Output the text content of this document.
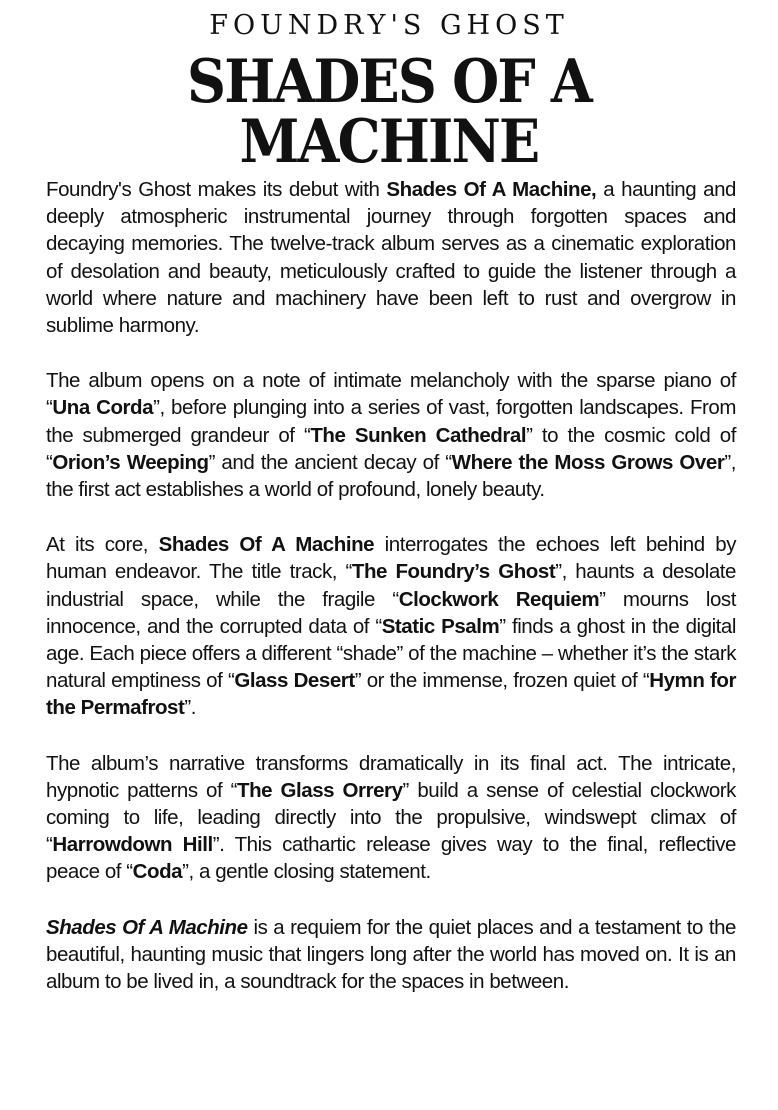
FOUNDRY'S GHOST
SHADES OF A MACHINE

Foundry's Ghost makes its debut with Shades Of A Machine, a haunting and deeply atmospheric instrumental journey through forgotten spaces and decaying memories. The twelve-track album serves as a cinematic exploration of desolation and beauty, meticulously crafted to guide the listener through a world where nature and machinery have been left to rust and overgrow in sublime harmony.

The album opens on a note of intimate melancholy with the sparse piano of “Una Corda”, before plunging into a series of vast, forgotten landscapes. From the submerged grandeur of “The Sunken Cathedral” to the cosmic cold of “Orion’s Weeping” and the ancient decay of “Where the Moss Grows Over”, the first act establishes a world of profound, lonely beauty.

At its core, Shades Of A Machine interrogates the echoes left behind by human endeavor. The title track, “The Foundry’s Ghost”, haunts a desolate industrial space, while the fragile “Clockwork Requiem” mourns lost innocence, and the corrupted data of “Static Psalm” finds a ghost in the digital age. Each piece offers a different “shade” of the machine – whether it’s the stark natural emptiness of “Glass Desert” or the immense, frozen quiet of “Hymn for the Permafrost”.

The album’s narrative transforms dramatically in its final act. The intricate, hypnotic patterns of “The Glass Orrery” build a sense of celestial clockwork coming to life, leading directly into the propulsive, windswept climax of “Harrowdown Hill”. This cathartic release gives way to the final, reflective peace of “Coda”, a gentle closing statement.

Shades Of A Machine is a requiem for the quiet places and a testament to the beautiful, haunting music that lingers long after the world has moved on. It is an album to be lived in, a soundtrack for the spaces in between.
